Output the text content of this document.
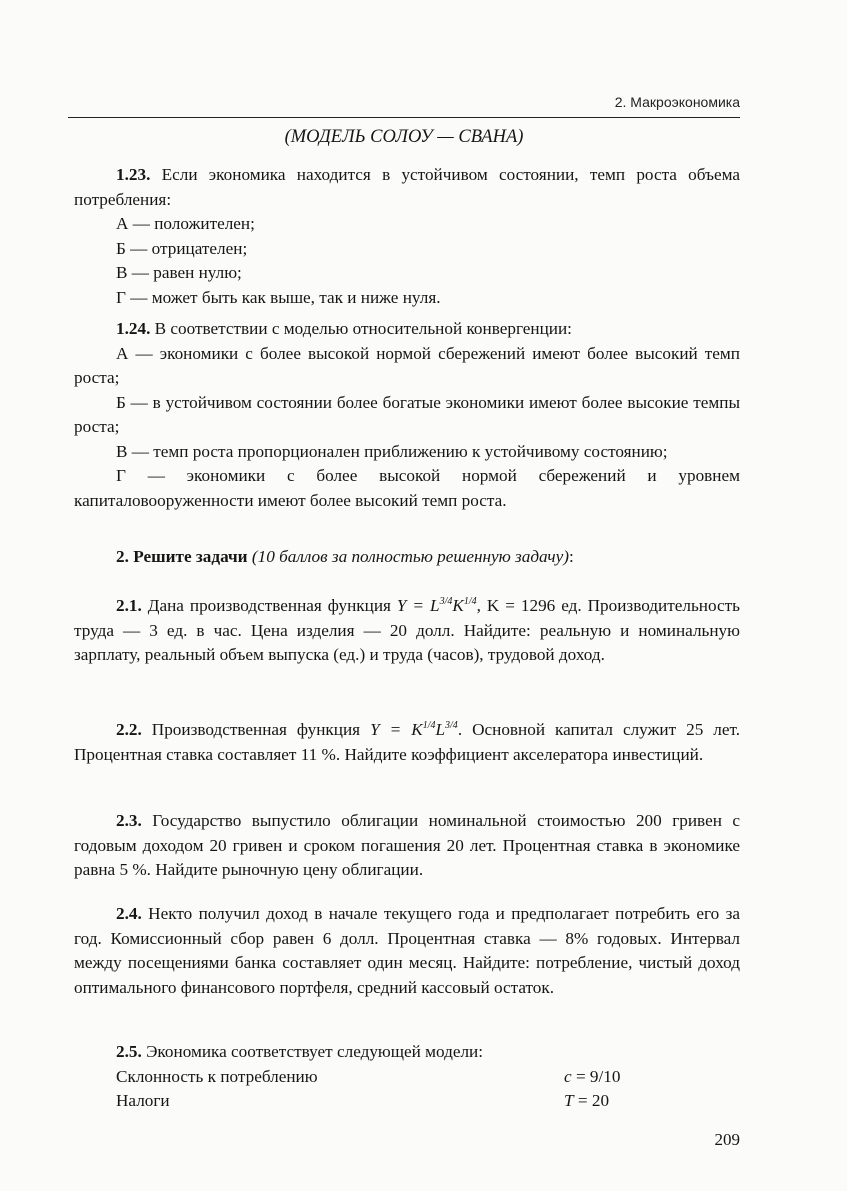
2. Макроэкономика
(МОДЕЛЬ СОЛОУ — СВАНА)

1.23. Если экономика находится в устойчивом состоянии, темп роста объема потребления:

А — положителен;

Б — отрицателен;

В — равен нулю;

Г — может быть как выше, так и ниже нуля.

1.24. В соответствии с моделью относительной конвергенции:

А — экономики с более высокой нормой сбережений имеют более высокий темп роста;

Б — в устойчивом состоянии более богатые экономики имеют более высокие темпы роста;

В — темп роста пропорционален приближению к устойчивому состоянию;

Г — экономики с более высокой нормой сбережений и уровнем капиталовооруженности имеют более высокий темп роста.

2. Решите задачи (10 баллов за полностью решенную задачу):

2.1. Дана производственная функция $Y = L^{3/4}K^{1/4}$, K = 1296 ед. Производительность труда — 3 ед. в час. Цена изделия — 20 долл. Найдите: реальную и номинальную зарплату, реальный объем выпуска (ед.) и труда (часов), трудовой доход.

2.2. Производственная функция $Y = K^{1/4}L^{3/4}$. Основной капитал служит 25 лет. Процентная ставка составляет 11 %. Найдите коэффициент акселератора инвестиций.

2.3. Государство выпустило облигации номинальной стоимостью 200 гривен с годовым доходом 20 гривен и сроком погашения 20 лет. Процентная ставка в экономике равна 5 %. Найдите рыночную цену облигации.

2.4. Некто получил доход в начале текущего года и предполагает потребить его за год. Комиссионный сбор равен 6 долл. Процентная ставка — 8% годовых. Интервал между посещениями банка составляет один месяц. Найдите: потребление, чистый доход оптимального финансового портфеля, средний кассовый остаток.

2.5. Экономика соответствует следующей модели:

Склонность к потреблению	c = 9/10
Налоги	T = 20
209
